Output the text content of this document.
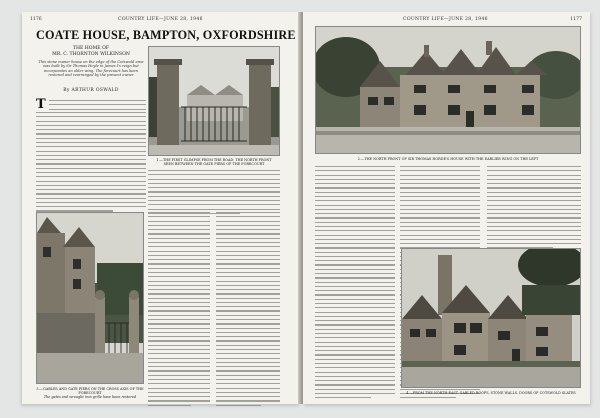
1176	COUNTRY LIFE—JUNE 28, 1946
COATE HOUSE, BAMPTON, OXFORDSHIRE
THE HOME OF
MR. C. THORNTON WILKINSON
This stone manor house on the edge of the Cotswold area
was built by Sir Thomas Hoyle in James I's reign but
incorporates an older wing. The forecourt has been
restored and rearranged by the present owner
By ARTHUR OSWALD
T
1.—THE FIRST GLIMPSE FROM THE ROAD: THE NORTH FRONT
SEEN BETWEEN THE GATE PIERS OF THE FORECOURT
3.—GABLES AND GATE PIERS ON THE CROSS AXIS OF THE FORECOURT
The gates and wrought iron grille have been restored
COUNTRY LIFE—JUNE 28, 1946	1177
2.—THE NORTH FRONT OF SIR THOMAS HORDE'S HOUSE WITH THE EARLIER WING ON THE LEFT
4.—FROM THE NORTH-EAST. GABLED ROOFS, STONE WALLS, DOORS OF COTSWOLD SLATES
